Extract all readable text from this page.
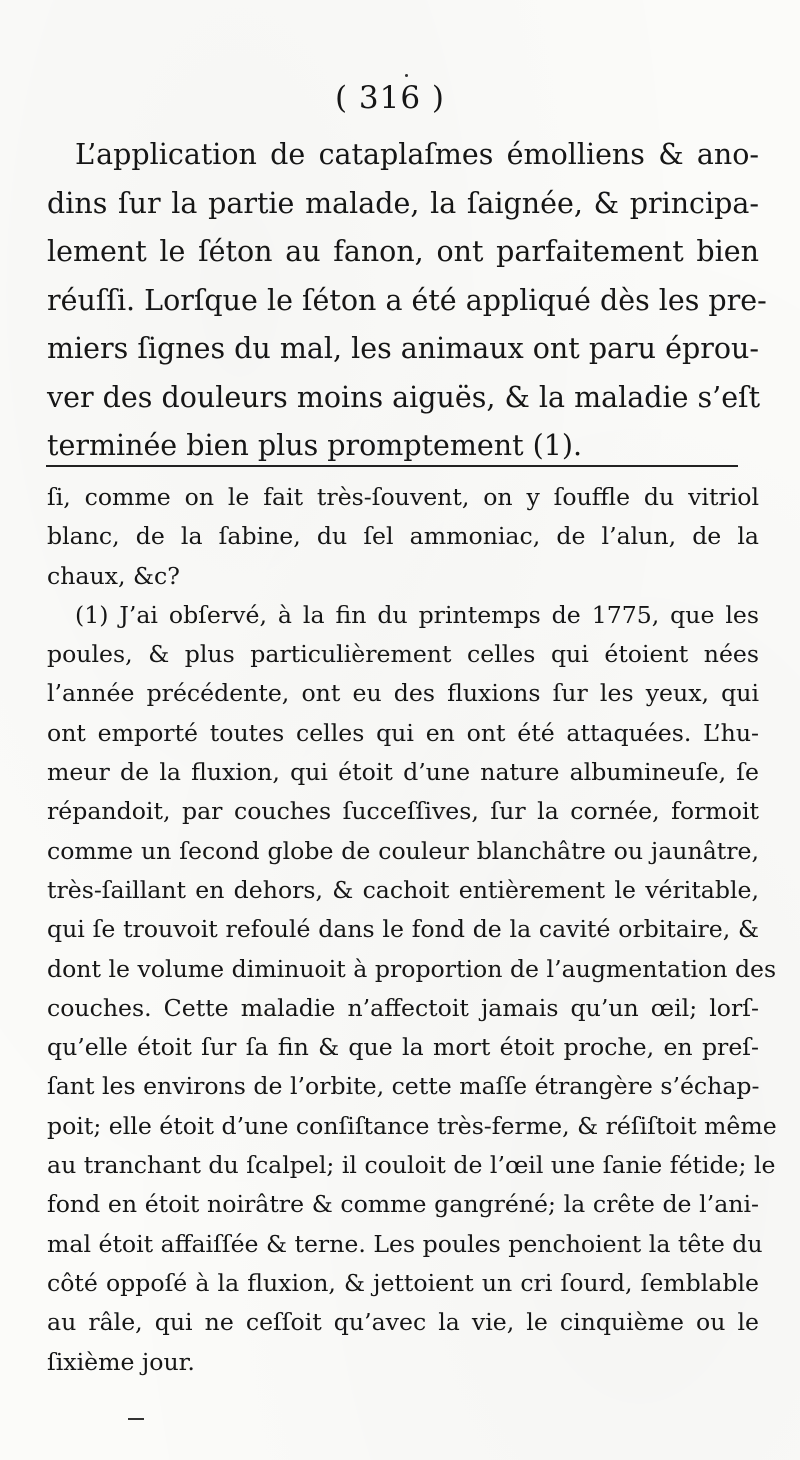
( 316 )
L’application de cataplaſmes émolliens & ano-
dins ſur la partie malade, la ſaignée, & principa-
lement le ſéton au fanon, ont parfaitement bien
réuſſi. Lorſque le ſéton a été appliqué dès les pre-
miers ſignes du mal, les animaux ont paru éprou-
ver des douleurs moins aiguës, & la maladie s’eſt
terminée bien plus promptement (1).
ſi, comme on le fait très-ſouvent, on y ſouffle du vitriol
blanc, de la ſabine, du ſel ammoniac, de l’alun, de la
chaux, &c?
(1) J’ai obſervé, à la fin du printemps de 1775, que les
poules, & plus particulièrement celles qui étoient nées
l’année précédente, ont eu des fluxions ſur les yeux, qui
ont emporté toutes celles qui en ont été attaquées. L’hu-
meur de la fluxion, qui étoit d’une nature albumineuſe, ſe
répandoit, par couches ſucceſſives, ſur la cornée, formoit
comme un ſecond globe de couleur blanchâtre ou jaunâtre,
très-ſaillant en dehors, & cachoit entièrement le véritable,
qui ſe trouvoit refoulé dans le fond de la cavité orbitaire, &
dont le volume diminuoit à proportion de l’augmentation des
couches. Cette maladie n’affectoit jamais qu’un œil; lorſ-
qu’elle étoit ſur ſa fin & que la mort étoit proche, en preſ-
ſant les environs de l’orbite, cette maſſe étrangère s’échap-
poit; elle étoit d’une conſiſtance très-ferme, & réſiſtoit même
au tranchant du ſcalpel; il couloit de l’œil une ſanie fétide; le
fond en étoit noirâtre & comme gangréné; la crête de l’ani-
mal étoit affaiſſée & terne. Les poules penchoient la tête du
côté oppoſé à la fluxion, & jettoient un cri ſourd, ſemblable
au râle, qui ne ceſſoit qu’avec la vie, le cinquième ou le
ſixième jour.
